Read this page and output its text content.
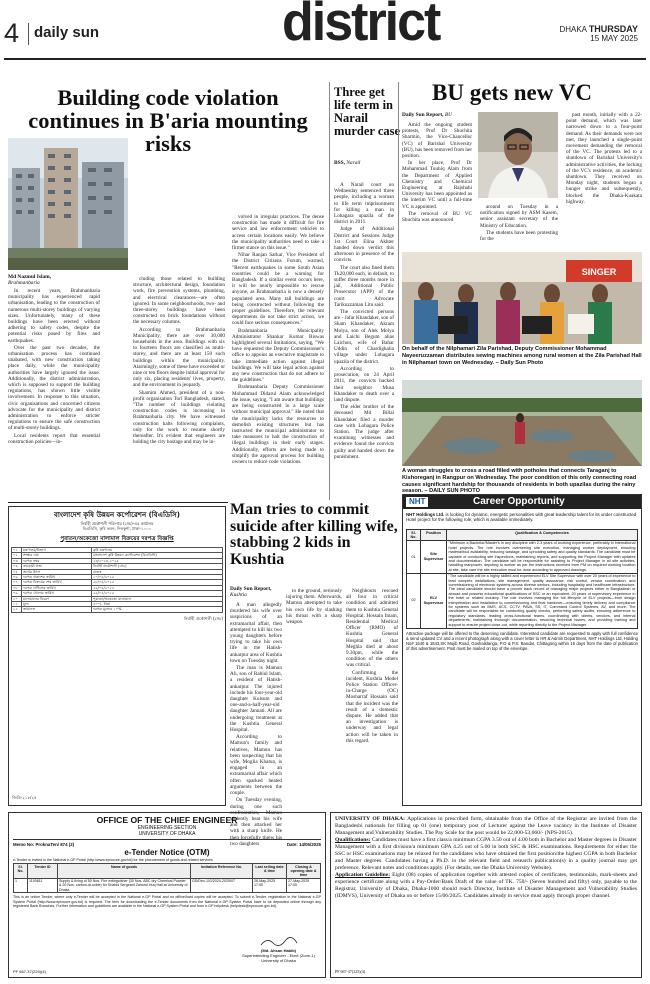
4 daily sun	district	DHAKA THURSDAY
15 MAY 2025
Building code violation continues in B'aria mounting risks
Md Nazmul Islam,
Brahmanbaria

In recent years, Brahmanbaria municipality has experienced rapid urbanisation, leading to the construction of numerous multi-storey buildings of varying sizes. Unfortunately, many of these buildings have been erected without adhering to safety codes, despite the potential risks posed by fires and earthquakes.

Over the past two decades, the urbanisation process has continued unabated, with new construction taking place daily, while the municipality authorities have largely ignored the issue. Additionally, the district administration, which is supposed to support the building regulations, has shown little visible involvement. In response to this situation, civic organisations and concerned citizens advocate for the municipality and district administration to enforce stricter regulations to ensure the safe construction of multi-storey buildings.

Local residents report that essential construction policies—in-

cluding those related to building structure, architectural design, foundation work, fire prevention systems, plumbing, and electrical clearances—are often ignored. In some neighbourhoods, two- and three-storey buildings have been constructed on brick foundations without the necessary columns.

According to Brahmanbaria Municipality, there are over 30,000 households in the area. Buildings with six to fourteen floors are classified as multi-storey, and there are at least 150 such buildings within the municipality. Alarmingly, some of these have exceeded or nine or ten floors despite initial approval for only six, placing residents' lives, property, and the environment in jeopardy.

Shamim Ahmed, president of a non-profit organisation Torī Bangladesh, stated, "The number of buildings violating construction codes is increasing in Brahmanbaria city. We have witnessed construction halts following complaints, only for the work to resume shortly thereafter. It's evident that engineers are holding the city hostage and may be in-

volved in irregular practices. The dense construction has made it difficult for fire service and law enforcement vehicles to access certain locations easily. We believe the municipality authorities need to take a firmer stance on this issue."

Nihar Ranjan Sarkar, Vice President of the District Citizens Forum, warned, "Recent earthquakes in some South Asian countries could be a warning for Bangladesh. If a similar event occurs here, it will be nearly impossible to rescue anyone, as Brahmanbaria is now a densely populated area. Many tall buildings are being constructed without following the proper guidelines. Therefore, the relevant departments do not take strict action, we could face serious consequences."

Brahmanbaria Municipality Administrator Shankar Kumar Biswas highlighted several limitations, saying, "We have requested the Deputy Commissioner's office to appoint an executive magistrate to take immediate action against illegal buildings. We will take legal action against any new construction that do not adhere to the guidelines."

Brahmanbaria Deputy Commissioner Mohammad Didarul Alam acknowledged the issue, saying, "I am aware that buildings are being constructed in a large scale without municipal approval." He noted that the municipality lacks the resources to demolish existing structures but has instructed the municipal administrator to take measures to halt the construction of illegal buildings in their early stages. Additionally, efforts are being made to simplify the approval process for building owners to reduce code violations.

Three get life term in Narail murder case
BSS, Narail

A Narail court on Wednesday sentenced three people, including a woman to life term imprisonment for killing a man in Lohagara upazila of the district in 2011.

Judge of Additional District and Sessions Judge 1st Court Elina Akhter handed down verdict this afternoon in presence of the convicts.

The court also fined them Tk20,000 each, in default, to suffer three months more in jail, Additional Public Prosecutor (APP) of the court Advocate Tarikuzzaman Litu said.

The convicted persons are - Jafar Khandaker, son of Sham Khandaker, Akram Molya, son of Alek Molya and Laichi Begum alias Laichon, wife of Bahar Uddin of Chardighalia village under Lohagara upazila of the district.

According to prosecution, on 24 April 2011, the convicts hacked their neighbor Musa Khandaker to death over a land dispute.

The elder brother of the deceased Md Billal Khandaker filed a murder case with Lohagara Police Station. The judge after examining witnesses and evidence found the convicts guilty and handed down the punishment.

BU gets new VC
Daily Sun Report, BU

Amid the ongoing student protests, Prof Dr Shuchita Sharmin, the Vice-Chancellor (VC) of Barishal University (BU), has been removed from her position.

In her place, Prof Dr Mohammad Touhiq Alam from the Department of Applied Chemistry and Chemical Engineering at Rajshahi University has been appointed as the interim VC until a full-time VC is appointed.

The removal of BU VC Shuchita was announced

around on Tuesday in a notification signed by ASM Kasem, senior assistant secretary of the Ministry of Education.

The students have been protesting for the

past month, initially with a 22-point demand, which was later narrowed down to a four-point demand. As their demands were not met, they launched a single-point movement demanding the removal of the VC. The protests led to a shutdown of Barishal University's administrative activities, the locking of the VC's residence, an academic shutdown. They received on Monday night, students began a hunger strike and subsequently, blocked the Dhaka-Kuakata highway.

SINGER
On behalf of the Nilphamari Zila Parishad, Deputy Commissioner Mohammad Nayeeruzzaman distributes sewing machines among rural women at the Zila Parishad Hall in Nilphamari town on Wednesday. – Daily Sun Photo
A woman struggles to cross a road filled with potholes that connects Taraganj to Kishoreganj in Rangpur on Wednesday. The poor condition of this only connecting road causes significant hardship for thousands of residents in both upazilas during the rainy season. – DAILY SUN PHOTO
বাংলাদেশ কৃষি উন্নয়ন কর্পোরেশন (বিএডিসি)
নির্বাহী প্রকৌশলী পরিদপ্তর (সেচ)-এর কার্যালয়
বিএডিসি, কৃষি ভবন, দিলকুশা, ঢাকা-১০০০
পুরাতন/অকেজো মালামাল বিক্রয়ের দরপত্র বিজ্ঞপ্তি
০১	মন্ত্রণালয়/বিভাগ	কৃষি মন্ত্রণালয়
০২	সংস্থার নাম	বাংলাদেশ কৃষি উন্নয়ন কর্পোরেশন (বিএডিসি)
০৩	দরপত্র নম্বর	২৩/২০২৪-২০২৫
০৪	ক্রয়কারী সত্তা	নির্বাহী প্রকৌশলী (সেচ)
০৫	অর্থের উৎস	রাজস্ব
০৬	দরপত্র প্রকাশের তারিখ	১০/০৫/২০২৫
০৭	দরপত্র বিক্রয়ের শেষ তারিখ	২৮/০৫/২০২৫
০৮	দরপত্র দাখিলের তারিখ	২৯/০৫/২০২৫
০৯	দরপত্র খোলার তারিখ	২৯/০৫/২০২৫
১০	মালামালের বিবরণ	পুরাতন/অকেজো মালামাল
১১	মূল্য	৫০০/- টাকা
১২	জামানত	দরপত্র মূল্যের ১০%
নির্বাহী প্রকৌশলী (সেচ)
জিডি-২১৮/২৫
Man tries to commit suicide after killing wife, stabbing 2 kids in Kushtia
Daily Sun Report,
Kushtia

A man allegedly murdered his wife over suspicions of an extramarital affair, then attempted to kill his two young daughters before trying to take his own life in the Hatish-ankarpur area of Kushtia town on Tuesday night.

The man is Mamun Ali, son of Rabiul Islam, a resident of Hatish-ankarpur. The injured include his four-year-old daughter Kulsum and one-and-a-half-year-old daughter Jannati. All are undergoing treatment at the Kushtia General Hospital.

According to Mamun's family and relatives, Mamun has been suspecting that his wife, Moglia Khatun, is engaged in an extramarital affair which often sparked heated arguments between the couple.

On Tuesday evening, during one such confrontation, Mamun violently beat his wife and then attacked her with a sharp knife. He then forcefully threw his two daughters

to the ground, seriously injuring them. Afterwards, Mamun attempted to take his own life by slashing his throat with a sharp weapon.

Neighbours rescued all four in critical condition and admitted them to Kushtia General Hospital. Hossain Imam, Residential Medical Officer (RMO) of Kushtia General Hospital said that Meghla died at about 9.30pm, while the condition of the others was critical.

Confirming the incident, Kushtia Model Police Station Officer-in-Charge (OC) Mosharraf Hossain said that the incident was the result of a domestic dispute. He added that an investigation is underway and legal action will be taken in this regard.

NHT	Career Opportunity
NHT Holdings Ltd. is looking for dynamic, energetic personalities with great leadership talent for its under constructed Hotel project for the following role, which is available immediately.
Sl. No.	Position	Qualification & Competencies
01	Site Supervisor	"Minimum a Bachelor/Master's in any discipline with 2-3 years of working experience, preferably in international hotel projects. The role involves overseeing site execution, managing worker deployment, ensuring material/tool availability, reducing wastage, and upholding safety and quality standards. The candidate must be capable of conducting site inspections, maintaining reports, and supporting the Project Manager with updates and documentation. The candidate will be responsible for assisting to Project Manager in all site activities, handling manpower, deputing to worker as per the instructions received from PM on required working location at site, take care the site execution must be done according to approved drawings.
02	ELV Supervisor	"The candidate will be a highly skilled and experienced ELV Site Supervisor with over 20 years of experience to lead complex installations, site management, quality assurance, risk control, vendor coordination, and commissioning of electronic systems across diverse sectors, including hospitality and healthcare infrastructure. The ideal candidate should have a proven track record of managing major projects either in Bangladesh or abroad and possess educational qualifications of SSC or an equivalent. 20 years of supervisory experience in the hotel or related industry. The role involves managing the full lifecycle of ELV projects—from design interpretation and installation to commissioning and final handover—ensuring timely delivery and compliance for systems such as BMS, ACS, CCTV, PAVA, SS, IT, Command Control Systems, AV, and more. The candidate will be responsible for conducting quality checks, performing safety audits, ensuring adherence to regulatory standards, leading cross-functional teams, coordinating with clients, vendors, and internal departments, maintaining thorough documentation, resolving technical issues, and providing training and support to ensure project close-out, while reporting directly to the Project Manager.
Attractive package will be offered to the deserving candidate. Interested candidate are requested to apply with full confidence & send updated CV and a recent photograph along with a cover letter to HR & Admin Department, NHT Holdings Ltd, Holding No# 1640 & 1643,SK Mujib Road, Goshaildanga, P.O & P.S: Bandar, Chittagong within 15 days from the date of publication of this advertisement. Post must be mailed on top of the envelope.
OFFICE OF THE CHIEF ENGINEER
ENGINEERING SECTION
UNIVERSITY OF DHAKA
Memo No: ProknaTen/ 874 (2)	Date: 14/05/2025
e-Tender Notice (OTM)
e-Tender is invited in the National e-GP Portal (http://www.eprocure.gov.bd) for the procurement of goods and related services
Sl. No.	Tender ID	Name of goods	Invitation Reference No.	Last selling date & time	Closing & opening date & time
1	1100611	Supply & fixing of 50 Nos. Fire extinguisher (30 Nos. ABC dry Chemical Powder & 20 Nos. carbon-di-oxide) for Shahid Sergeant Zahurul Huq Hall at University of Dhaka	GD/Dev-1/G/2024-2025/07	26-May-2025 17:00	27-May-2025 17:00
This is an online Tender, where only e-Tender will be accepted in the National e-GP Portal and no offline/hard copies will be accepted. To submit e-Tender, registration in the National e-GP System Portal (http://www.eprocure.gov.bd) is required. The fees for downloading the e-Tender documents from the National e-GP System Portal have to be deposited online through any registered Bank Branches. Further information and guidelines are available in the National e-GP System Portal and from e-GP helpdesk (helpdesk@eprocure.gov.bd).

(Md. Ahsan Habib)
Superintending Engineer - Elect (Zone-1)
University of Dhaka
PF 667-37(225)(4)
UNIVERSITY OF DHAKA: Applications in prescribed form, obtainable from the Office of the Registrar are invited from the Bangladeshi nationals for filling up 01 (one) temporary post of Lecturer against the Leave vacancy in the Institute of Disaster Management and Vulnerability Studies. The Pay Scale for the post would be 22,000-53,060/- (NPS-2015).
Qualifications: Candidates must have a first class/a minimum CGPA 3.50 out of 4.00 both in Bachelor and Master degrees in Disaster Management with a first division/a minimum GPA 4.25 out of 5.00 in both SSC & HSC examinations. Requirements for either the SSC or HSC examinations may be relaxed for the candidates who have obtained the first position/the highest CGPA in both Bachelor and Master degrees. Candidates having a Ph.D. in the relevant field and research publication(s) in a quality journal may get preference. Relevant notes and conditions apply. (For details, see the Dhaka University Website).
Application Guideline: Eight (08) copies of application together with attested copies of certificates, testimonials, mark-sheets and experience certificate along with a Pay-Order/Bank Draft of the value of TK. 750/- (Seven hundred and fifty) only, payable to the Registrar, University of Dhaka, Dhaka-1000 should reach Director, Institute of Disaster Management and Vulnerability Studies (IDMVS), University of Dhaka on or before 15/06/2025. Candidates already in service must apply through proper channel.
PF 667-37(225)(4)
